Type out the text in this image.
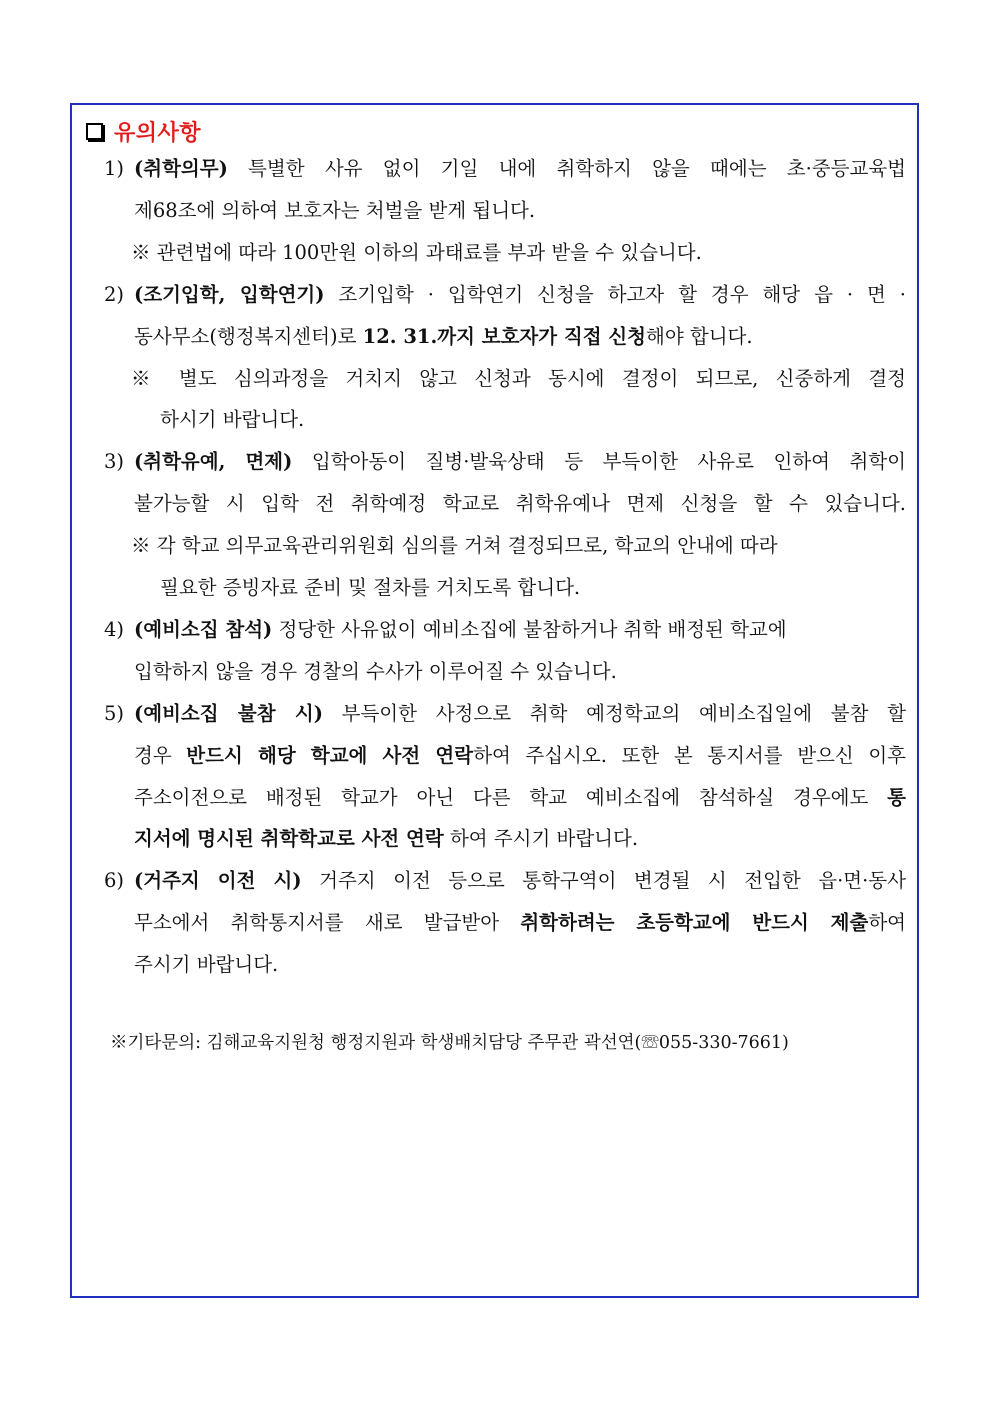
유의사항
1) (취학의무) 특별한 사유 없이 기일 내에 취학하지 않을 때에는 초·중등교육법
제68조에 의하여 보호자는 처벌을 받게 됩니다.
※ 관련법에 따라 100만원 이하의 과태료를 부과 받을 수 있습니다.
2) (조기입학, 입학연기) 조기입학 · 입학연기 신청을 하고자 할 경우 해당 읍 · 면 ·
동사무소(행정복지센터)로 12. 31.까지 보호자가 직접 신청해야 합니다.
※ 별도 심의과정을 거치지 않고 신청과 동시에 결정이 되므로, 신중하게 결정
하시기 바랍니다.
3) (취학유예, 면제) 입학아동이 질병·발육상태 등 부득이한 사유로 인하여 취학이
불가능할 시 입학 전 취학예정 학교로 취학유예나 면제 신청을 할 수 있습니다.
※ 각 학교 의무교육관리위원회 심의를 거쳐 결정되므로, 학교의 안내에 따라
필요한 증빙자료 준비 및 절차를 거치도록 합니다.
4) (예비소집 참석) 정당한 사유없이 예비소집에 불참하거나 취학 배정된 학교에
입학하지 않을 경우 경찰의 수사가 이루어질 수 있습니다.
5) (예비소집 불참 시) 부득이한 사정으로 취학 예정학교의 예비소집일에 불참 할
경우 반드시 해당 학교에 사전 연락하여 주십시오. 또한 본 통지서를 받으신 이후
주소이전으로 배정된 학교가 아닌 다른 학교 예비소집에 참석하실 경우에도 통
지서에 명시된 취학학교로 사전 연락 하여 주시기 바랍니다.
6) (거주지 이전 시) 거주지 이전 등으로 통학구역이 변경될 시 전입한 읍·면·동사
무소에서 취학통지서를 새로 발급받아 취학하려는 초등학교에 반드시 제출하여
주시기 바랍니다.
※기타문의: 김해교육지원청 행정지원과 학생배치담당 주무관 곽선연(☏055-330-7661)
